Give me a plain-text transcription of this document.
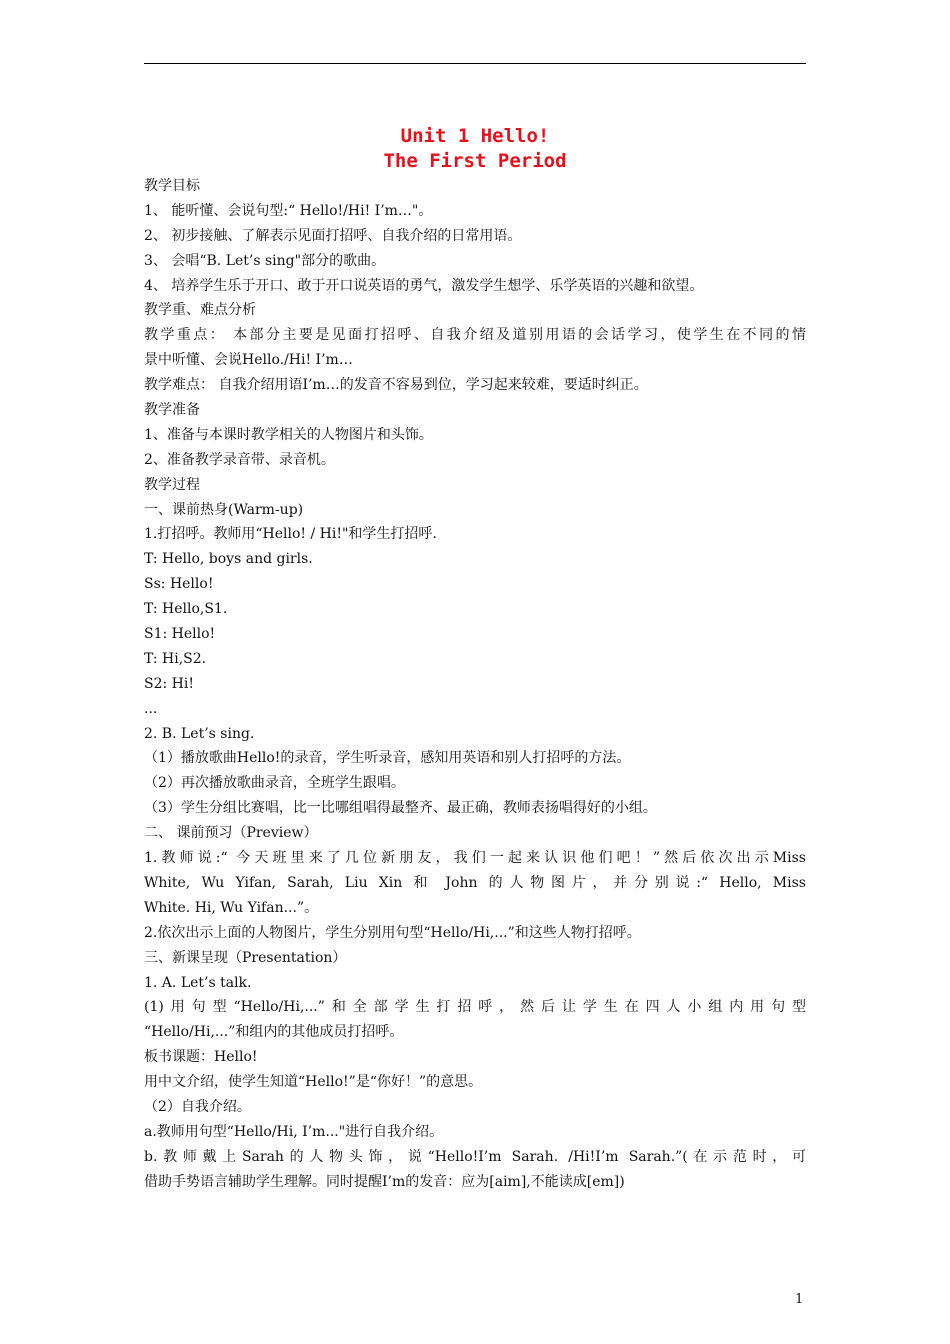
Unit 1 Hello!
The First Period
教学目标
1、 能听懂、会说句型:“ Hello!/Hi! I’m…"。
2、 初步接触、了解表示见面打招呼、自我介绍的日常用语。
3、 会唱“B. Let’s sing"部分的歌曲。
4、 培养学生乐于开口、敢于开口说英语的勇气，激发学生想学、乐学英语的兴趣和欲望。
教学重、难点分析
教学重点： 本部分主要是见面打招呼、自我介绍及道别用语的会话学习，使学生在不同的情
景中听懂、会说Hello./Hi! I’m…
教学难点： 自我介绍用语I’m…的发音不容易到位，学习起来较难，要适时纠正。
教学准备
1、准备与本课时教学相关的人物图片和头饰。
2、准备教学录音带、录音机。
教学过程
一、课前热身(Warm-up)
1.打招呼。教师用“Hello! / Hi!"和学生打招呼.
T: Hello, boys and girls.
Ss: Hello!
T: Hello,S1.
S1: Hello!
T: Hi,S2.
S2: Hi!
...
2. B. Let’s sing.
（1）播放歌曲Hello!的录音，学生听录音，感知用英语和别人打招呼的方法。
（2）再次播放歌曲录音，全班学生跟唱。
（3）学生分组比赛唱，比一比哪组唱得最整齐、最正确，教师表扬唱得好的小组。
二、 课前预习（Preview）
1.教师说:“ 今天班里来了几位新朋友，我们一起来认识他们吧！”然后依次出示Miss
White, Wu Yifan, Sarah, Liu Xin 和 John 的人物图片，并分别说:“ Hello, Miss
White. Hi, Wu Yifan...”。
2.依次出示上面的人物图片，学生分别用句型“Hello/Hi,...”和这些人物打招呼。
三、新课呈现（Presentation）
1. A. Let’s talk.
(1)用句型“Hello/Hi,...”和全部学生打招呼，然后让学生在四人小组内用句型
“Hello/Hi,...”和组内的其他成员打招呼。
板书课题：Hello!
用中文介绍，使学生知道“Hello!”是“你好！”的意思。
（2）自我介绍。
a.教师用句型“Hello/Hi, I’m..."进行自我介绍。
b.教师戴上Sarah的人物头饰，说“Hello!I’m Sarah. /Hi!I’m Sarah.”(在示范时，可
借助手势语言辅助学生理解。同时提醒I’m的发音：应为[aim],不能读成[em])
1
